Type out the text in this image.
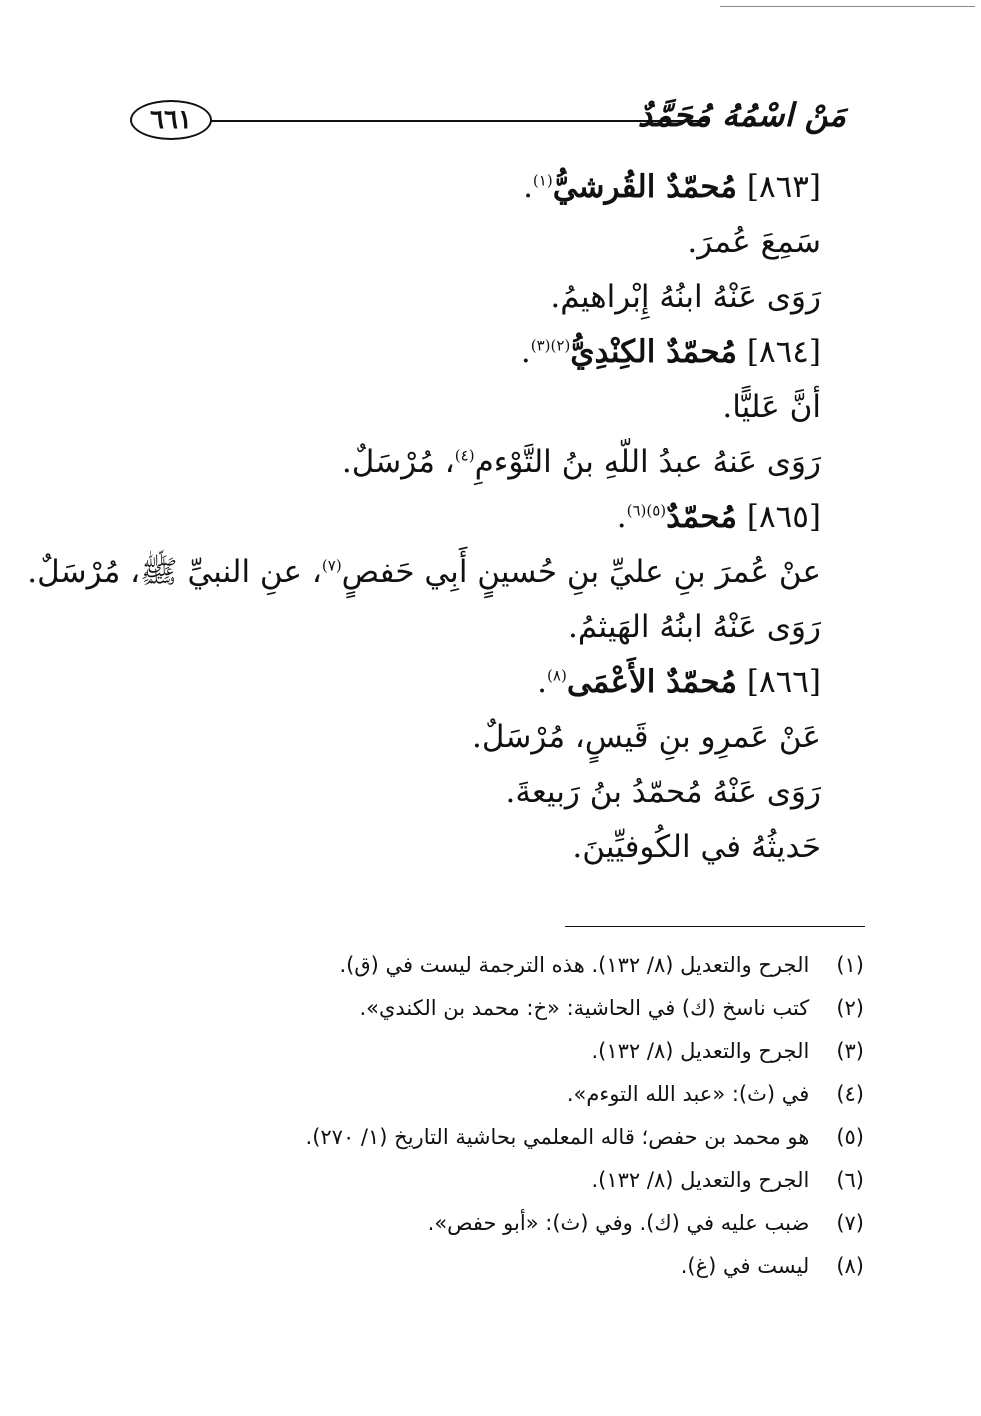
٦٦١	مَنْ اسْمُهُ مُحَمَّدٌ
[٨٦٣] مُحمّدٌ القُرشيُّ$^{(١)}$.
سَمِعَ عُمرَ.
رَوَى عَنْهُ ابنُهُ إِبْراهيمُ.
[٨٦٤] مُحمّدٌ الكِنْدِيُّ$^{(٢)(٣)}$.
أنَّ عَليًّا.
رَوَى عَنهُ عبدُ اللّهِ بنُ التَّوْءمِ$^{(٤)}$، مُرْسَلٌ.
[٨٦٥] مُحمّدٌ$^{(٥)(٦)}$.
عنْ عُمرَ بنِ عليِّ بنِ حُسينٍ أَبِي حَفصٍ$^{(٧)}$، عنِ النبيِّ ﷺ، مُرْسَلٌ.
رَوَى عَنْهُ ابنُهُ الهَيثمُ.
[٨٦٦] مُحمّدٌ الأَعْمَى$^{(٨)}$.
عَنْ عَمرِو بنِ قَيسٍ، مُرْسَلٌ.
رَوَى عَنْهُ مُحمّدُ بنُ رَبيعةَ.
حَديثُهُ في الكُوفيِّينَ.
(١) الجرح والتعديل (٨/ ١٣٢). هذه الترجمة ليست في (ق).
(٢) كتب ناسخ (ك) في الحاشية: «خ: محمد بن الكندي».
(٣) الجرح والتعديل (٨/ ١٣٢).
(٤) في (ث): «عبد الله التوءم».
(٥) هو محمد بن حفص؛ قاله المعلمي بحاشية التاريخ (١/ ٢٧٠).
(٦) الجرح والتعديل (٨/ ١٣٢).
(٧) ضبب عليه في (ك). وفي (ث): «أبو حفص».
(٨) ليست في (غ).
